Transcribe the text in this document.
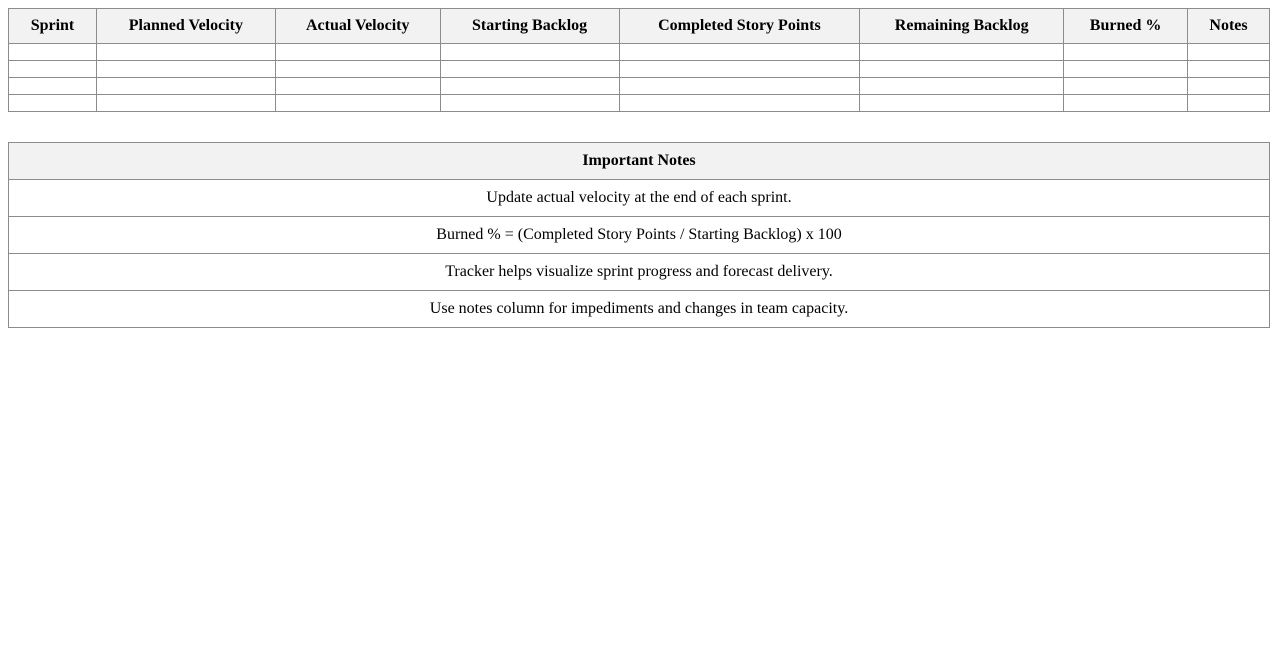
Sprint	Planned Velocity	Actual Velocity	Starting Backlog	Completed Story Points	Remaining Backlog	Burned %	Notes

Important Notes
Update actual velocity at the end of each sprint.
Burned % = (Completed Story Points / Starting Backlog) x 100
Tracker helps visualize sprint progress and forecast delivery.
Use notes column for impediments and changes in team capacity.
